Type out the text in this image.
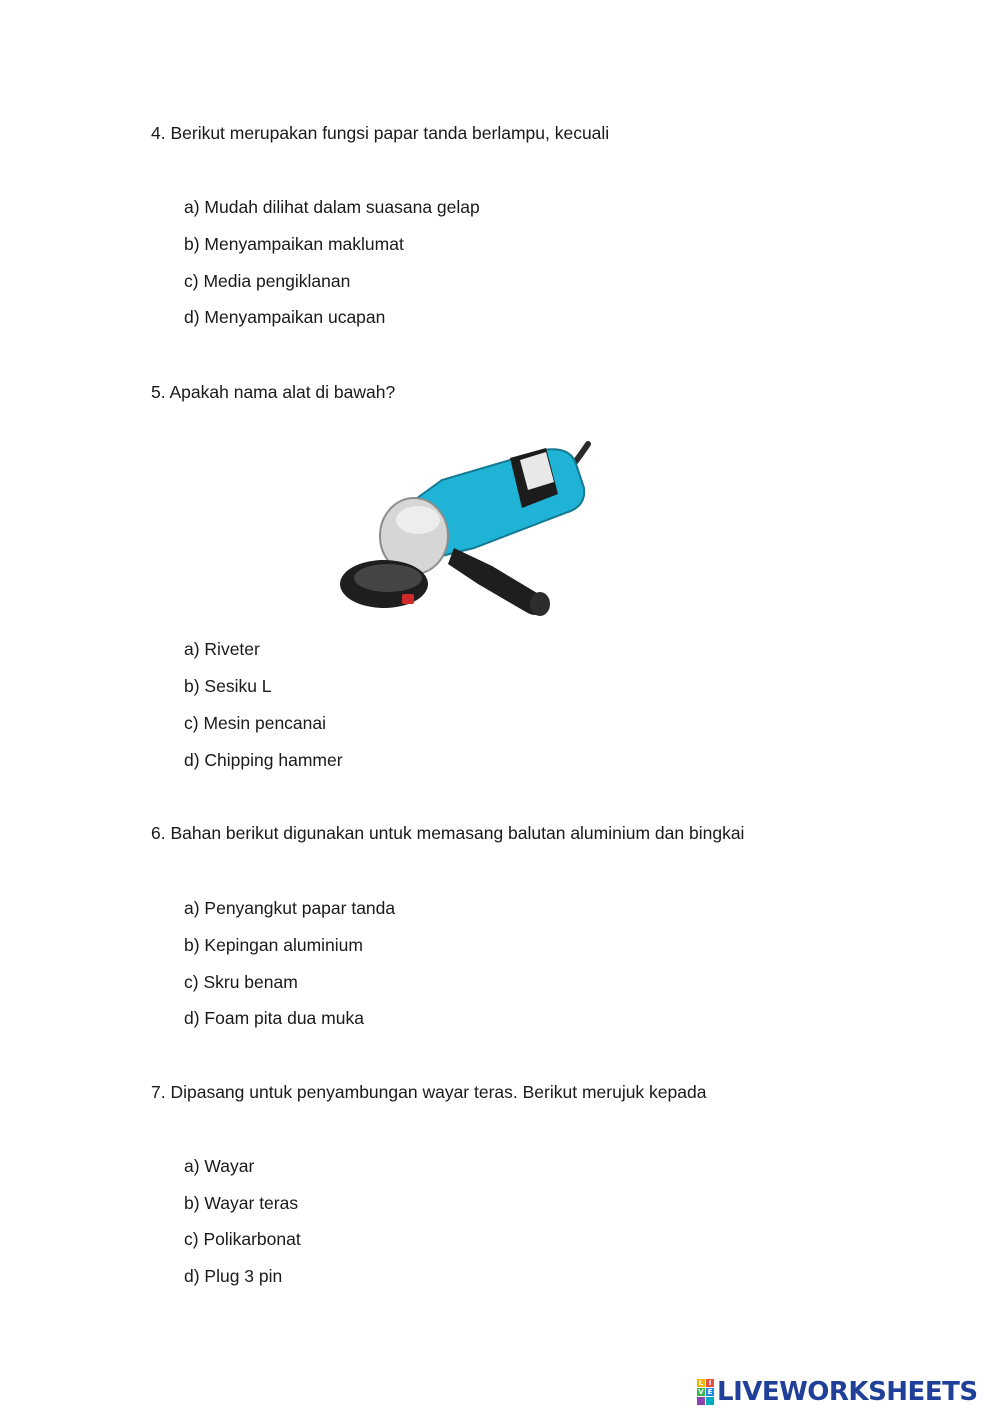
4. Berikut merupakan fungsi papar tanda berlampu, kecuali
a) Mudah dilihat dalam suasana gelap
b) Menyampaikan maklumat
c) Media pengiklanan
d) Menyampaikan ucapan
5. Apakah nama alat di bawah?
a) Riveter
b) Sesiku L
c) Mesin pencanai
d) Chipping hammer
6. Bahan berikut digunakan untuk memasang balutan aluminium dan bingkai
a) Penyangkut papar tanda
b) Kepingan aluminium
c) Skru benam
d) Foam pita dua muka
7. Dipasang untuk penyambungan wayar teras. Berikut merujuk kepada
a) Wayar
b) Wayar teras
c) Polikarbonat
d) Plug 3 pin
L I
V E LIVEWORKSHEETS
